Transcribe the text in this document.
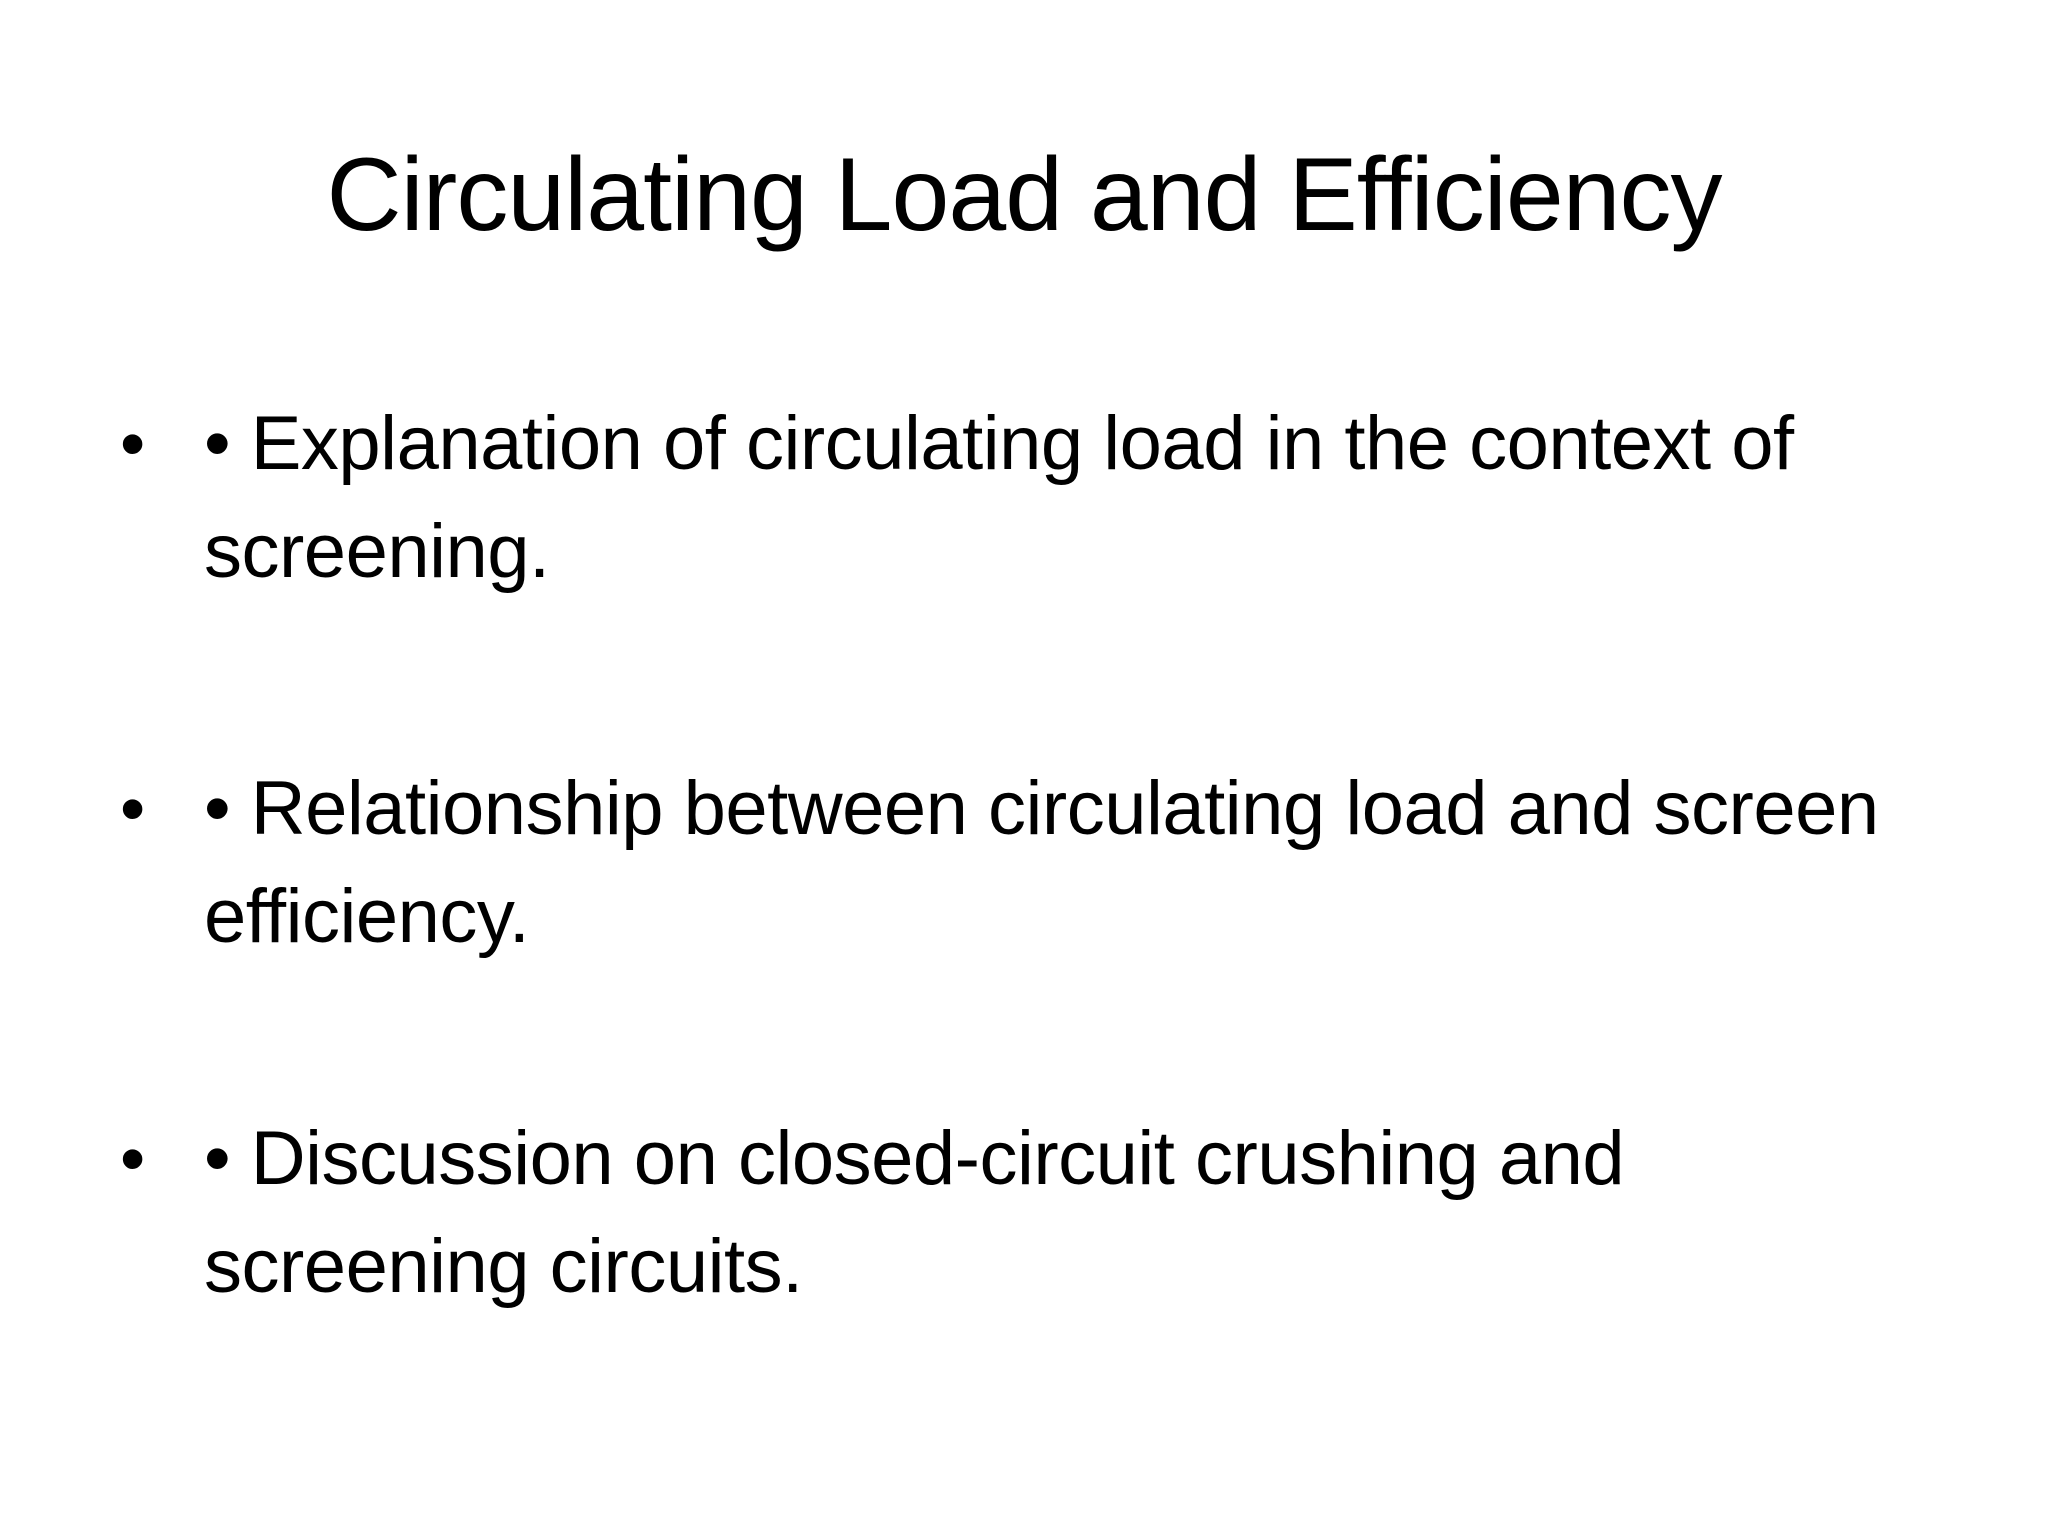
Circulating Load and Efficiency
• • Explanation of circulating load in the context of screening.
• • Relationship between circulating load and screen efficiency.
• • Discussion on closed-circuit crushing and screening circuits.
